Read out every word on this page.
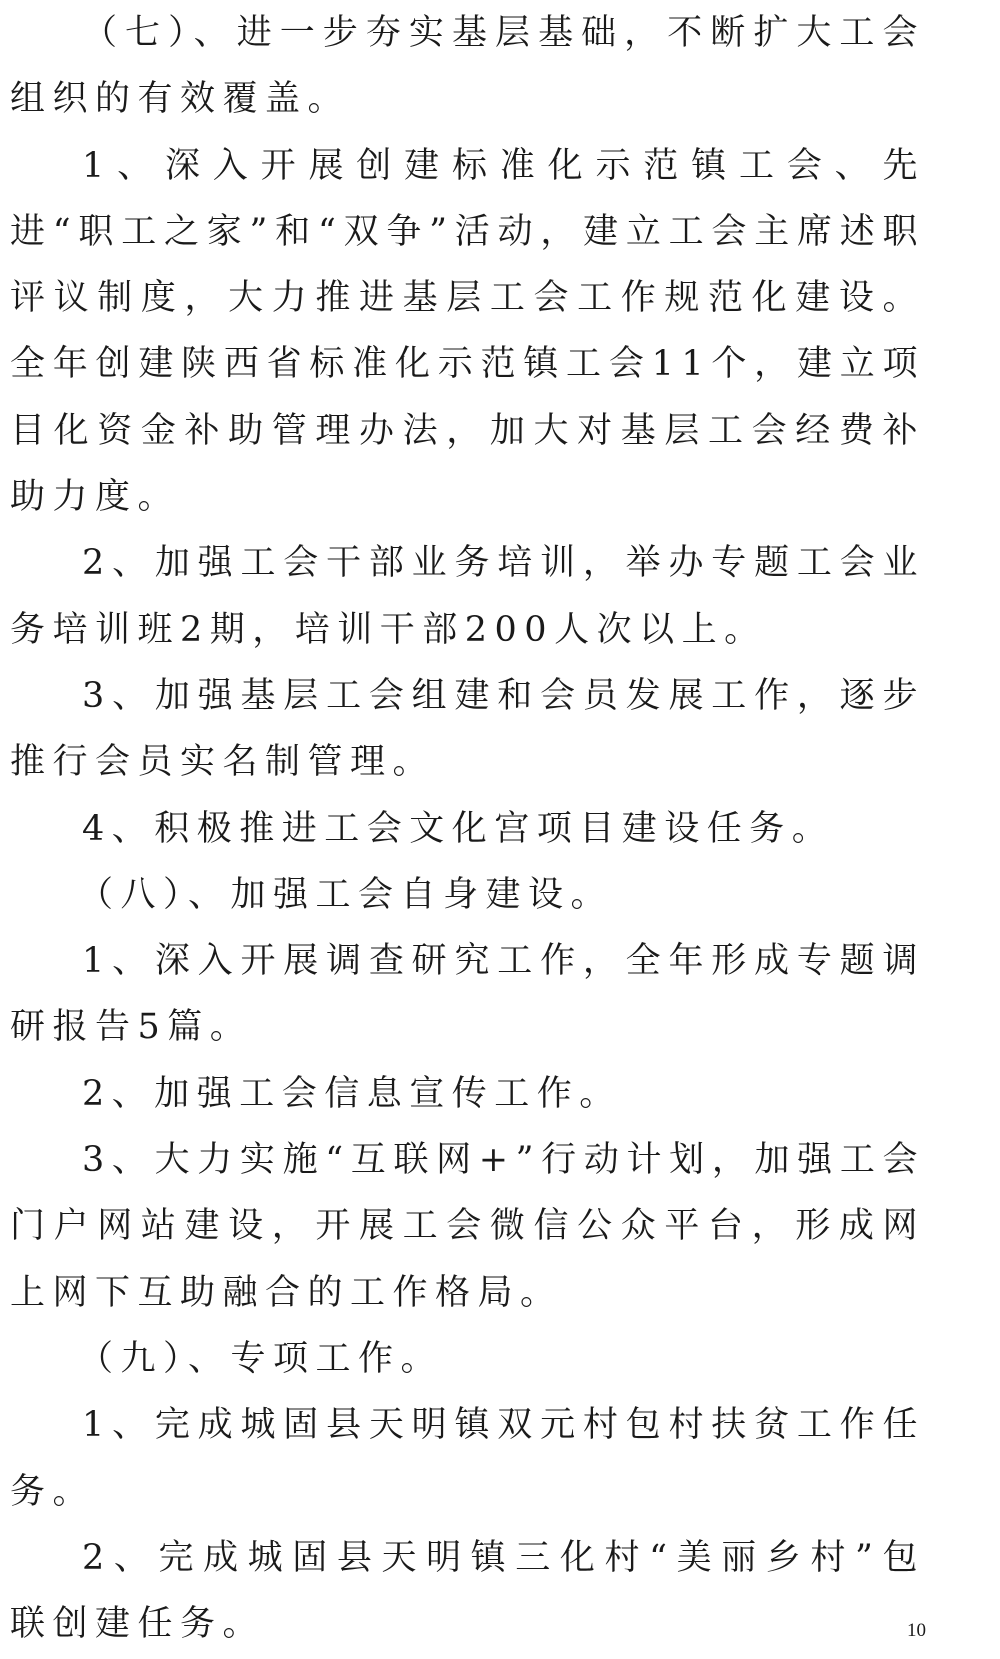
（七）、进一步夯实基层基础，不断扩大工会组织的有效覆盖。

1、深入开展创建标准化示范镇工会、先进“职工之家”和“双争”活动，建立工会主席述职评议制度，大力推进基层工会工作规范化建设。全年创建陕西省标准化示范镇工会11个，建立项目化资金补助管理办法，加大对基层工会经费补助力度。

2、加强工会干部业务培训，举办专题工会业务培训班2期，培训干部200人次以上。

3、加强基层工会组建和会员发展工作，逐步推行会员实名制管理。

4、积极推进工会文化宫项目建设任务。

（八）、加强工会自身建设。

1、深入开展调查研究工作，全年形成专题调研报告5篇。

2、加强工会信息宣传工作。

3、大力实施“互联网+”行动计划，加强工会门户网站建设，开展工会微信公众平台，形成网上网下互助融合的工作格局。

（九）、专项工作。

1、完成城固县天明镇双元村包村扶贫工作任务。

2、完成城固县天明镇三化村“美丽乡村”包联创建任务。	10
